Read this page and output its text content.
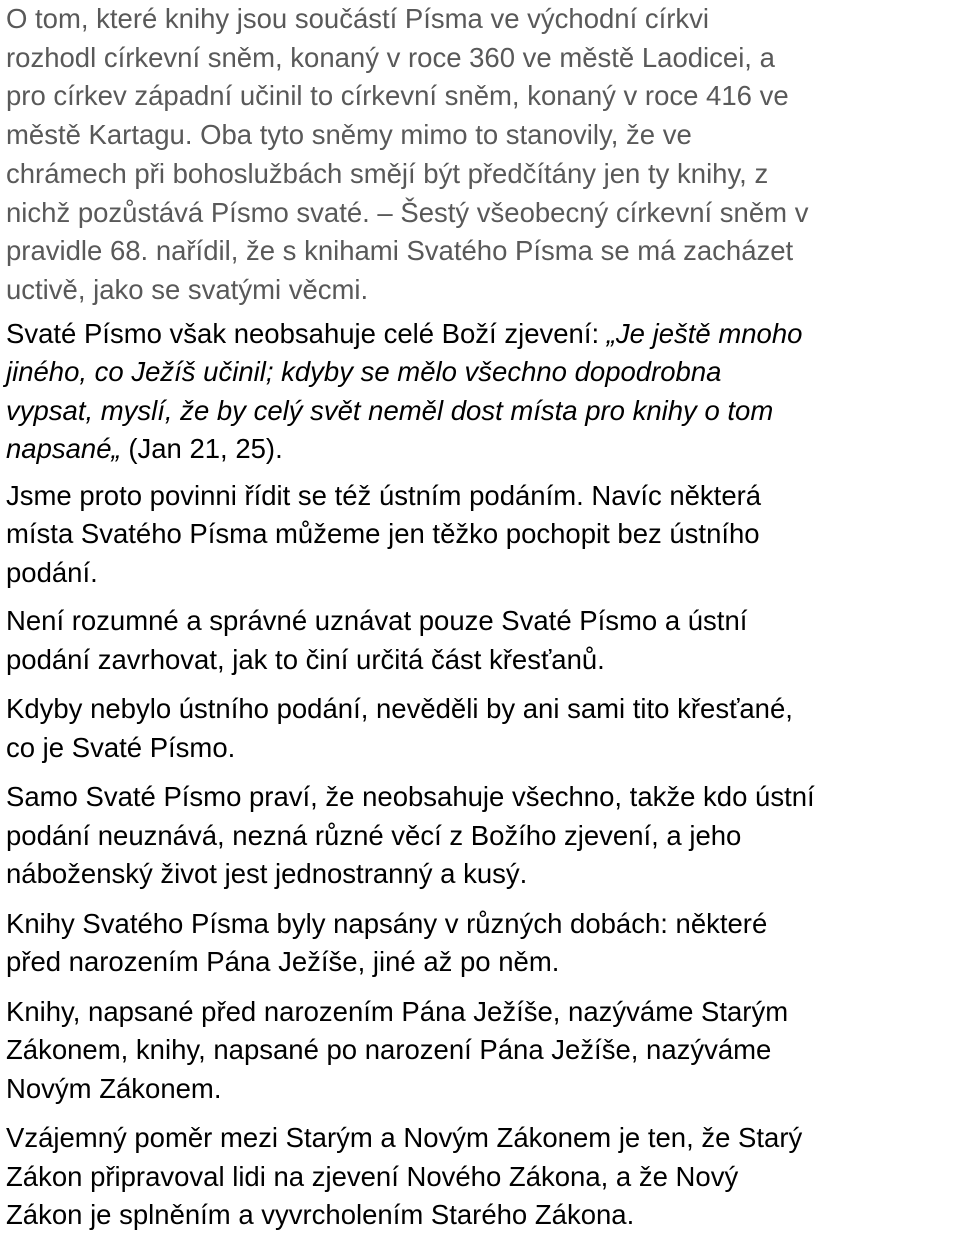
O tom, které knihy jsou součástí Písma ve východní církvi
rozhodl církevní sněm, konaný v roce 360 ve městě Laodicei, a
pro církev západní učinil to církevní sněm, konaný v roce 416 ve
městě Kartagu. Oba tyto sněmy mimo to stanovily, že ve
chrámech při bohoslužbách smějí být předčítány jen ty knihy, z
nichž pozůstává Písmo svaté. – Šestý všeobecný církevní sněm v
pravidle 68. nařídil, že s knihami Svatého Písma se má zacházet
uctivě, jako se svatými věcmi.

Svaté Písmo však neobsahuje celé Boží zjevení: „Je ještě mnoho
jiného, co Ježíš učinil; kdyby se mělo všechno dopodrobna
vypsat, myslí, že by celý svět neměl dost místa pro knihy o tom
napsané„ (Jan 21, 25).

Jsme proto povinni řídit se též ústním podáním. Navíc některá
místa Svatého Písma můžeme jen těžko pochopit bez ústního
podání.

Není rozumné a správné uznávat pouze Svaté Písmo a ústní
podání zavrhovat, jak to činí určitá část křesťanů.

Kdyby nebylo ústního podání, nevěděli by ani sami tito křesťané,
co je Svaté Písmo.

Samo Svaté Písmo praví, že neobsahuje všechno, takže kdo ústní
podání neuznává, nezná různé věcí z Božího zjevení, a jeho
náboženský život jest jednostranný a kusý.

Knihy Svatého Písma byly napsány v různých dobách: některé
před narozením Pána Ježíše, jiné až po něm.

Knihy, napsané před narozením Pána Ježíše, nazýváme Starým
Zákonem, knihy, napsané po narození Pána Ježíše, nazýváme
Novým Zákonem.

Vzájemný poměr mezi Starým a Novým Zákonem je ten, že Starý
Zákon připravoval lidi na zjevení Nového Zákona, a že Nový
Zákon je splněním a vyvrcholením Starého Zákona.
